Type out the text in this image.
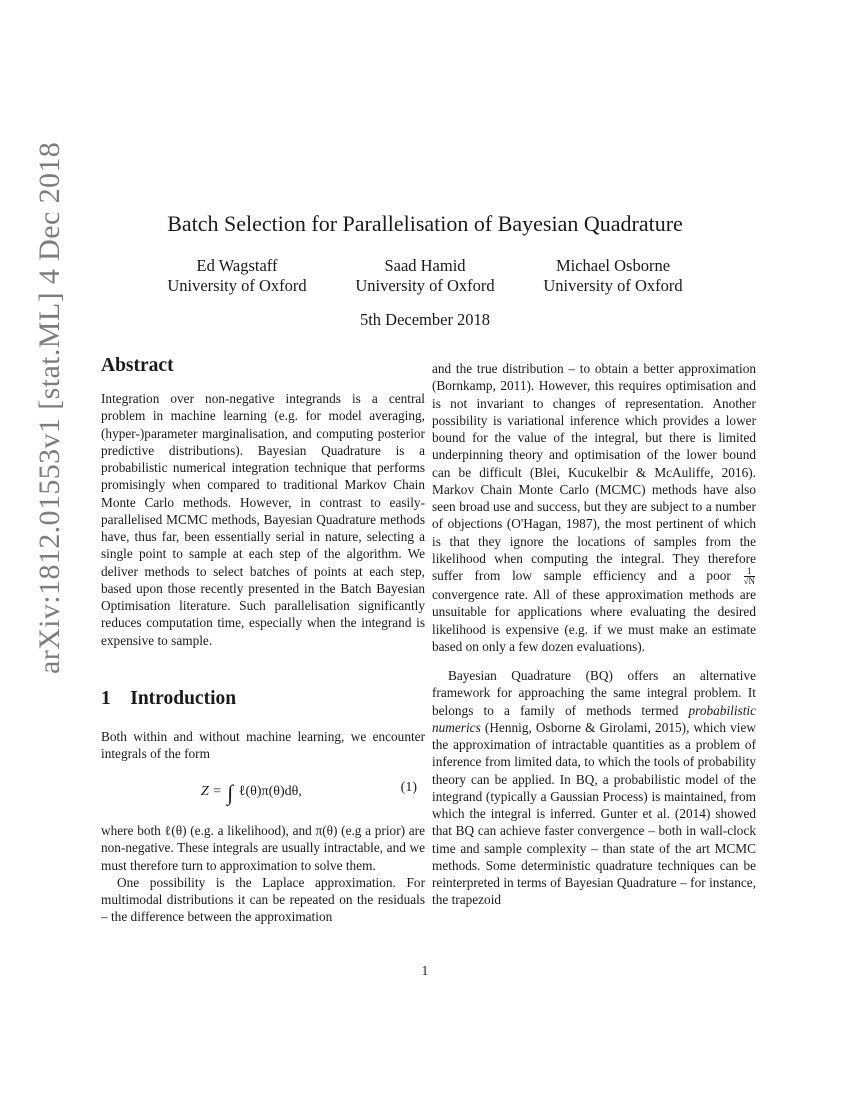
arXiv:1812.01553v1 [stat.ML] 4 Dec 2018	Batch Selection for Parallelisation of Bayesian Quadrature
Ed Wagstaff
University of Oxford
Saad Hamid
University of Oxford
Michael Osborne
University of Oxford
5th December 2018
Abstract

Integration over non-negative integrands is a central problem in machine learning (e.g. for model averaging, (hyper-)parameter marginalisation, and computing posterior predictive distributions). Bayesian Quadrature is a probabilistic numerical integration technique that performs promisingly when compared to traditional Markov Chain Monte Carlo methods. However, in contrast to easily-parallelised MCMC methods, Bayesian Quadrature methods have, thus far, been essentially serial in nature, selecting a single point to sample at each step of the algorithm. We deliver methods to select batches of points at each step, based upon those recently presented in the Batch Bayesian Optimisation literature. Such parallelisation significantly reduces computation time, especially when the integrand is expensive to sample.

1 Introduction

Both within and without machine learning, we encounter integrals of the form

Z = ∫ ℓ(θ)π(θ)dθ,	(1)

where both ℓ(θ) (e.g. a likelihood), and π(θ) (e.g a prior) are non-negative. These integrals are usually intractable, and we must therefore turn to approximation to solve them.

One possibility is the Laplace approximation. For multimodal distributions it can be repeated on the residuals – the difference between the approximation

and the true distribution – to obtain a better approximation (Bornkamp, 2011). However, this requires optimisation and is not invariant to changes of representation. Another possibility is variational inference which provides a lower bound for the value of the integral, but there is limited underpinning theory and optimisation of the lower bound can be difficult (Blei, Kucukelbir & McAuliffe, 2016). Markov Chain Monte Carlo (MCMC) methods have also seen broad use and success, but they are subject to a number of objections (O'Hagan, 1987), the most pertinent of which is that they ignore the locations of samples from the likelihood when computing the integral. They therefore suffer from low sample efficiency and a poor $\frac{1}{√N}$
convergence rate. All of these approximation methods are unsuitable for applications where evaluating the desired likelihood is expensive (e.g. if we must make an estimate based on only a few dozen evaluations).

Bayesian Quadrature (BQ) offers an alternative framework for approaching the same integral problem. It belongs to a family of methods termed probabilistic numerics (Hennig, Osborne & Girolami, 2015), which view the approximation of intractable quantities as a problem of inference from limited data, to which the tools of probability theory can be applied. In BQ, a probabilistic model of the integrand (typically a Gaussian Process) is maintained, from which the integral is inferred. Gunter et al. (2014) showed that BQ can achieve faster convergence – both in wall-clock time and sample complexity – than state of the art MCMC methods. Some deterministic quadrature techniques can be reinterpreted in terms of Bayesian Quadrature – for instance, the trapezoid

1
